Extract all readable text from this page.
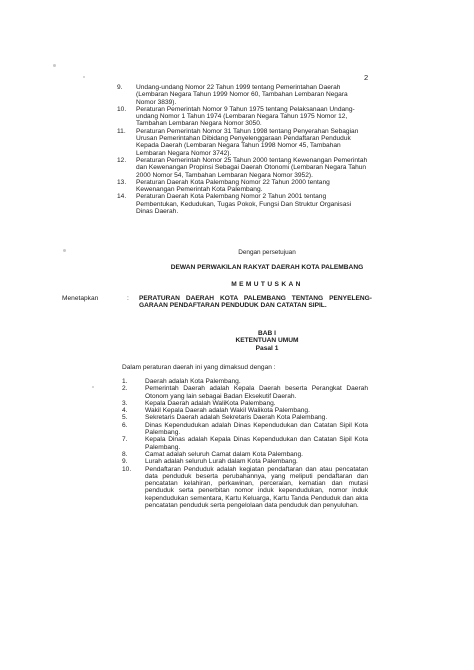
2
9.	Undang-undang Nomor 22 Tahun 1999 tentang Pemerintahan Daerah (Lembaran Negara Tahun 1999 Nomor 60, Tambahan Lembaran Negara Nomor 3839).
10.	Peraturan Pemerintah Nomor 9 Tahun 1975 tentang Pelaksanaan Undang-undang Nomor 1 Tahun 1974 (Lembaran Negara Tahun 1975 Nomor 12, Tambahan Lembaran Negara Nomor 3050.
11.	Peraturan Pemerintah Nomor 31 Tahun 1998 tentang Penyerahan Sebagian Urusan Pemerintahan Dibidang Penyelenggaraan Pendaftaran Penduduk Kepada Daerah (Lembaran Negara Tahun 1998 Nomor 45, Tambahan Lembaran Negara Nomor 3742).
12.	Peraturan Pemerintah Nomor 25 Tahun 2000 tentang Kewenangan Pemerintah dan Kewenangan Propinsi Sebagai Daerah Otonomi (Lembaran Negara Tahun 2000 Nomor 54, Tambahan Lembaran Negara Nomor 3952).
13.	Peraturan Daerah Kota Palembang Nomor 22 Tahun 2000 tentang Kewenangan Pemerintah Kota Palembang.
14.	Peraturan Daerah Kota Palembang Nomor 2 Tahun 2001 tentang Pembentukan, Kedudukan, Tugas Pokok, Fungsi Dan Struktur Organisasi Dinas Daerah.
Dengan persetujuan
DEWAN PERWAKILAN RAKYAT DAERAH KOTA PALEMBANG
MEMUTUSKAN
Menetapkan	:	PERATURAN DAERAH KOTA PALEMBANG TENTANG PENYELENG-GARAAN PENDAFTARAN PENDUDUK DAN CATATAN SIPIL.
BAB I
KETENTUAN UMUM
Pasal 1
Dalam peraturan daerah ini yang dimaksud dengan :
1.	Daerah adalah Kota Palembang.
2.	Pemerintah Daerah adalah Kepala Daerah beserta Perangkat Daerah Otonom yang lain sebagai Badan Eksekutif Daerah.
3.	Kepala Daerah adalah WaliKota Palembang.
4.	Wakil Kepala Daerah adalah Wakil Walikota Palembang.
5.	Sekretaris Daerah adalah Sekretaris Daerah Kota Palembang.
6.	Dinas Kependudukan adalah Dinas Kependudukan dan Catatan Sipil Kota Palembang.
7.	Kepala Dinas adalah Kepala Dinas Kependudukan dan Catatan Sipil Kota Palembang.
8.	Camat adalah seluruh Camat dalam Kota Palembang.
9.	Lurah adalah seluruh Lurah dalam Kota Palembang.
10.	Pendaftaran Penduduk adalah kegiatan pendaftaran dan atau pencatatan data penduduk beserta perubahannya, yang meliputi pendaftaran dan pencatatan kelahiran, perkawinan, perceraian, kematian dan mutasi penduduk serta penerbitan nomor induk kependudukan, nomor induk kependudukan sementara, Kartu Keluarga, Kartu Tanda Penduduk dan akta pencatatan penduduk serta pengelolaan data penduduk dan penyuluhan.
